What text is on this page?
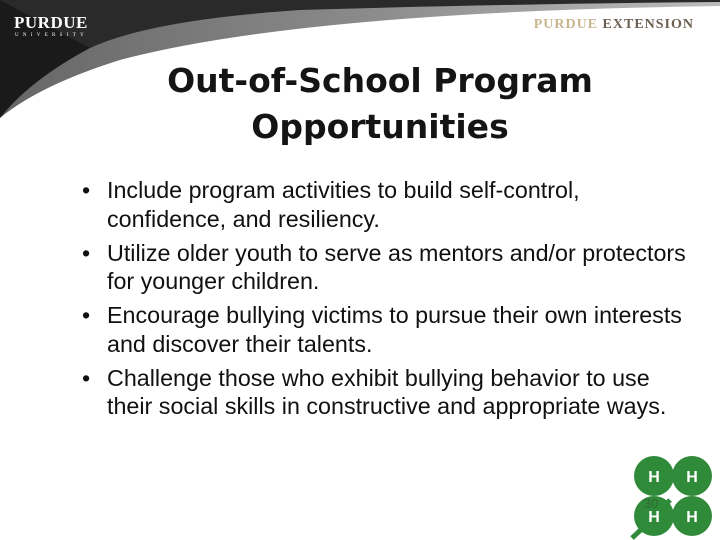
PURDUE
UNIVERSITY
PURDUE EXTENSION
Out-of-School Program
Opportunities
• Include program activities to build self-control, confidence, and resiliency.
• Utilize older youth to serve as mentors and/or protectors for younger children.
• Encourage bullying victims to pursue their own interests and discover their talents.
• Challenge those who exhibit bullying behavior to use their social skills in constructive and appropriate ways.
H H
H H
30
